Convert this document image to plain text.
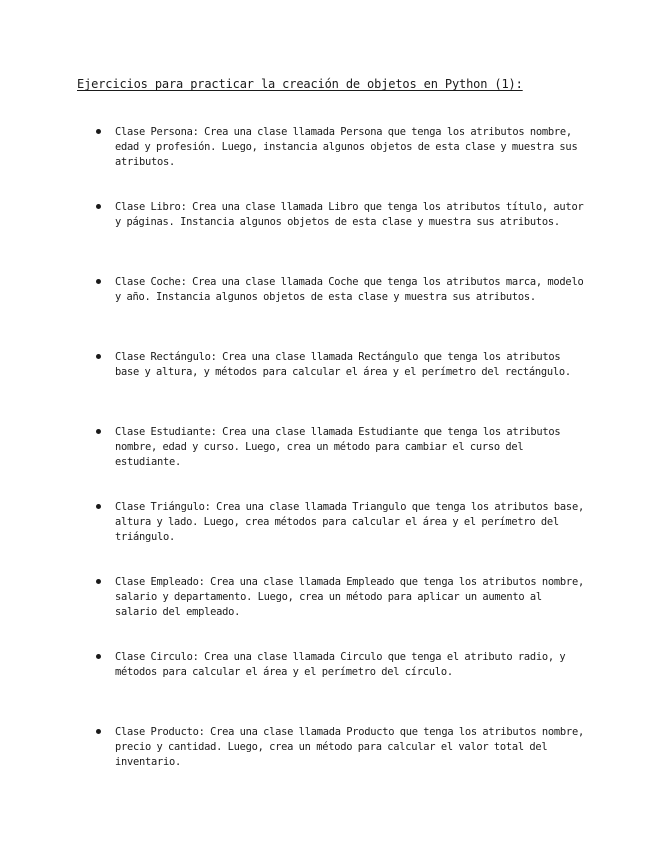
Ejercicios para practicar la creación de objetos en Python (1):
Clase Persona: Crea una clase llamada Persona que tenga los atributos nombre, edad y profesión. Luego, instancia algunos objetos de esta clase y muestra sus atributos.
Clase Libro: Crea una clase llamada Libro que tenga los atributos título, autor y páginas. Instancia algunos objetos de esta clase y muestra sus atributos.
Clase Coche: Crea una clase llamada Coche que tenga los atributos marca, modelo y año. Instancia algunos objetos de esta clase y muestra sus atributos.
Clase Rectángulo: Crea una clase llamada Rectángulo que tenga los atributos base y altura, y métodos para calcular el área y el perímetro del rectángulo.
Clase Estudiante: Crea una clase llamada Estudiante que tenga los atributos nombre, edad y curso. Luego, crea un método para cambiar el curso del estudiante.
Clase Triángulo: Crea una clase llamada Triangulo que tenga los atributos base, altura y lado. Luego, crea métodos para calcular el área y el perímetro del triángulo.
Clase Empleado: Crea una clase llamada Empleado que tenga los atributos nombre, salario y departamento. Luego, crea un método para aplicar un aumento al salario del empleado.
Clase Circulo: Crea una clase llamada Circulo que tenga el atributo radio, y métodos para calcular el área y el perímetro del círculo.
Clase Producto: Crea una clase llamada Producto que tenga los atributos nombre, precio y cantidad. Luego, crea un método para calcular el valor total del inventario.
